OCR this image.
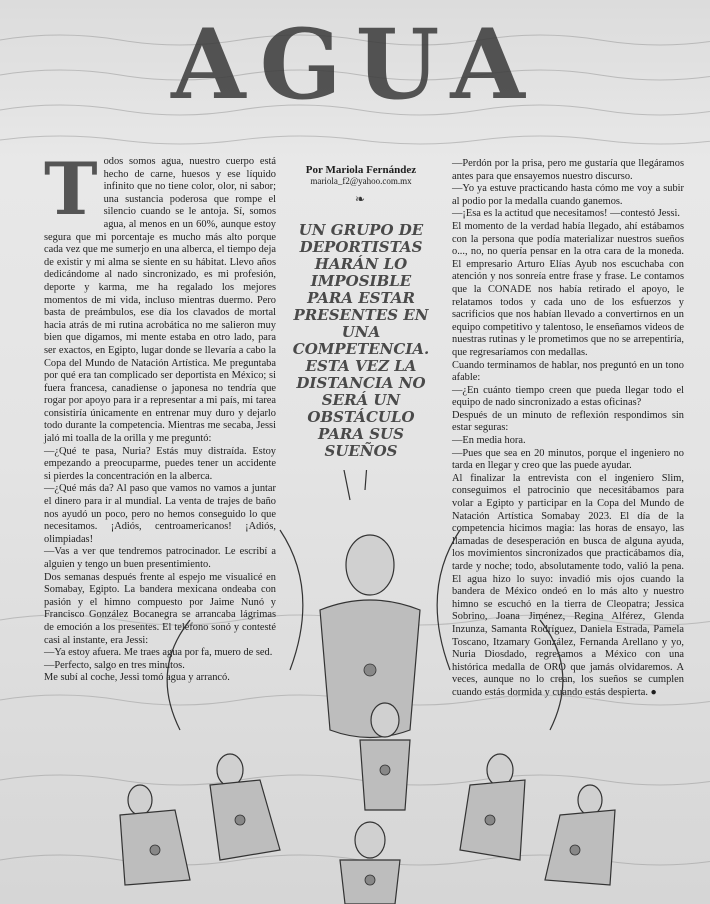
AGUA
T odos somos agua, nuestro cuerpo está hecho de carne, huesos y ese líquido infinito que no tiene color, olor, ni sabor; una sustancia poderosa que rompe el silencio cuando se le antoja. Sí, somos agua, al menos en un 60%, aunque estoy segura que mi porcentaje es mucho más alto porque cada vez que me sumerjo en una alberca, el tiempo deja de existir y mi alma se siente en su hábitat. Llevo años dedicándome al nado sincronizado, es mi profesión, deporte y karma, me ha regalado los mejores momentos de mi vida, incluso mientras duermo. Pero basta de preámbulos, ese día los clavados de mortal hacia atrás de mi rutina acrobática no me salieron muy bien que digamos, mi mente estaba en otro lado, para ser exactos, en Egipto, lugar donde se llevaría a cabo la Copa del Mundo de Natación Artística. Me preguntaba por qué era tan complicado ser deportista en México; si fuera francesa, canadiense o japonesa no tendría que rogar por apoyo para ir a representar a mi país, mi tarea consistiría únicamente en entrenar muy duro y dejarlo todo durante la competencia. Mientras me secaba, Jessi jaló mi toalla de la orilla y me preguntó:

—¿Qué te pasa, Nuria? Estás muy distraída. Estoy empezando a preocuparme, puedes tener un accidente si pierdes la concentración en la alberca.

—¿Qué más da? Al paso que vamos no vamos a juntar el dinero para ir al mundial. La venta de trajes de baño nos ayudó un poco, pero no hemos conseguido lo que necesitamos. ¡Adiós, centroamericanos! ¡Adiós, olimpiadas!

—Vas a ver que tendremos patrocinador. Le escribí a alguien y tengo un buen presentimiento.

Dos semanas después frente al espejo me visualicé en Somabay, Egipto. La bandera mexicana ondeaba con pasión y el himno compuesto por Jaime Nunó y Francisco González Bocanegra se arrancaba lágrimas de emoción a los presentes. El teléfono sonó y contesté casi al instante, era Jessi:

—Ya estoy afuera. Me traes agua por fa, muero de sed.

—Perfecto, salgo en tres minutos.

Me subí al coche, Jessi tomó agua y arrancó.

Por Mariola Fernández
mariola_f2@yahoo.com.mx
❧
UN GRUPO DE DEPORTISTAS HARÁN LO IMPOSIBLE PARA ESTAR PRESENTES EN UNA COMPETENCIA. ESTA VEZ LA DISTANCIA NO SERÁ UN OBSTÁCULO PARA SUS SUEÑOS

—Perdón por la prisa, pero me gustaría que llegáramos antes para que ensayemos nuestro discurso.

—Yo ya estuve practicando hasta cómo me voy a subir al podio por la medalla cuando ganemos.

—¡Esa es la actitud que necesitamos! —contestó Jessi.

El momento de la verdad había llegado, ahí estábamos con la persona que podía materializar nuestros sueños o..., no, no quería pensar en la otra cara de la moneda. El empresario Arturo Elías Ayub nos escuchaba con atención y nos sonreía entre frase y frase. Le contamos que la CONADE nos había retirado el apoyo, le relatamos todos y cada uno de los esfuerzos y sacrificios que nos habían llevado a convertirnos en un equipo competitivo y talentoso, le enseñamos videos de nuestras rutinas y le prometimos que no se arrepentiría, que regresaríamos con medallas.

Cuando terminamos de hablar, nos preguntó en un tono afable:

—¿En cuánto tiempo creen que pueda llegar todo el equipo de nado sincronizado a estas oficinas?

Después de un minuto de reflexión respondimos sin estar seguras:

—En media hora.

—Pues que sea en 20 minutos, porque el ingeniero no tarda en llegar y creo que las puede ayudar.

Al finalizar la entrevista con el ingeniero Slim, conseguimos el patrocinio que necesitábamos para volar a Egipto y participar en la Copa del Mundo de Natación Artística Somabay 2023. El día de la competencia hicimos magia: las horas de ensayo, las llamadas de desesperación en busca de alguna ayuda, los movimientos sincronizados que practicábamos día, tarde y noche; todo, absolutamente todo, valió la pena. El agua hizo lo suyo: invadió mis ojos cuando la bandera de México ondeó en lo más alto y nuestro himno se escuchó en la tierra de Cleopatra; Jessica Sobrino, Joana Jiménez, Regina Alférez, Glenda Inzunza, Samanta Rodríguez, Daniela Estrada, Pamela Toscano, Itzamary González, Fernanda Arellano y yo, Nuria Diosdado, regresamos a México con una histórica medalla de ORO que jamás olvidaremos. A veces, aunque no lo crean, los sueños se cumplen cuando estás dormida y cuando estás despierta. ●
